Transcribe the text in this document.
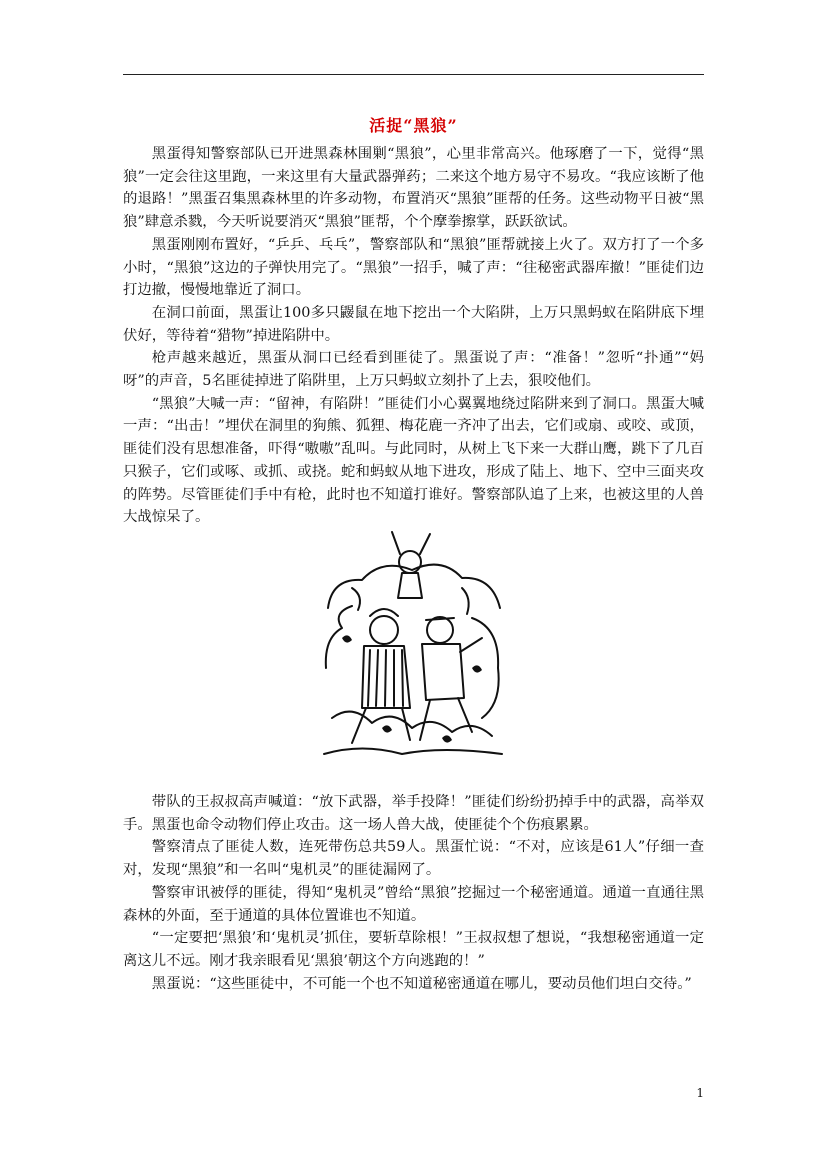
活捉“黑狼”

黑蛋得知警察部队已开进黑森林围剿“黑狼”，心里非常高兴。他琢磨了一下，觉得“黑狼”一定会往这里跑，一来这里有大量武器弹药；二来这个地方易守不易攻。“我应该断了他的退路！”黑蛋召集黑森林里的许多动物，布置消灭“黑狼”匪帮的任务。这些动物平日被“黑狼”肆意杀戮，今天听说要消灭“黑狼”匪帮，个个摩拳擦掌，跃跃欲试。

黑蛋刚刚布置好，“乒乒、乓乓”，警察部队和“黑狼”匪帮就接上火了。双方打了一个多小时，“黑狼”这边的子弹快用完了。“黑狼”一招手，喊了声：“往秘密武器库撤！”匪徒们边打边撤，慢慢地靠近了洞口。

在洞口前面，黑蛋让100多只鼹鼠在地下挖出一个大陷阱，上万只黑蚂蚁在陷阱底下埋伏好，等待着“猎物”掉进陷阱中。

枪声越来越近，黑蛋从洞口已经看到匪徒了。黑蛋说了声：“准备！”忽听“扑通”“妈呀”的声音，5名匪徒掉进了陷阱里，上万只蚂蚁立刻扑了上去，狠咬他们。

“黑狼”大喊一声：“留神，有陷阱！”匪徒们小心翼翼地绕过陷阱来到了洞口。黑蛋大喊一声：“出击！”埋伏在洞里的狗熊、狐狸、梅花鹿一齐冲了出去，它们或扇、或咬、或顶，匪徒们没有思想准备，吓得“嗷嗷”乱叫。与此同时，从树上飞下来一大群山鹰，跳下了几百只猴子，它们或啄、或抓、或挠。蛇和蚂蚁从地下进攻，形成了陆上、地下、空中三面夹攻的阵势。尽管匪徒们手中有枪，此时也不知道打谁好。警察部队追了上来，也被这里的人兽大战惊呆了。

带队的王叔叔高声喊道：“放下武器，举手投降！”匪徒们纷纷扔掉手中的武器，高举双手。黑蛋也命令动物们停止攻击。这一场人兽大战，使匪徒个个伤痕累累。

警察清点了匪徒人数，连死带伤总共59人。黑蛋忙说：“不对，应该是61人”仔细一查对，发现“黑狼”和一名叫“鬼机灵”的匪徒漏网了。

警察审讯被俘的匪徒，得知“鬼机灵”曾给“黑狼”挖掘过一个秘密通道。通道一直通往黑森林的外面，至于通道的具体位置谁也不知道。

“一定要把‘黑狼’和‘鬼机灵’抓住，要斩草除根！”王叔叔想了想说，“我想秘密通道一定离这儿不远。刚才我亲眼看见‘黑狼’朝这个方向逃跑的！”

黑蛋说：“这些匪徒中，不可能一个也不知道秘密通道在哪儿，要动员他们坦白交待。”

1
